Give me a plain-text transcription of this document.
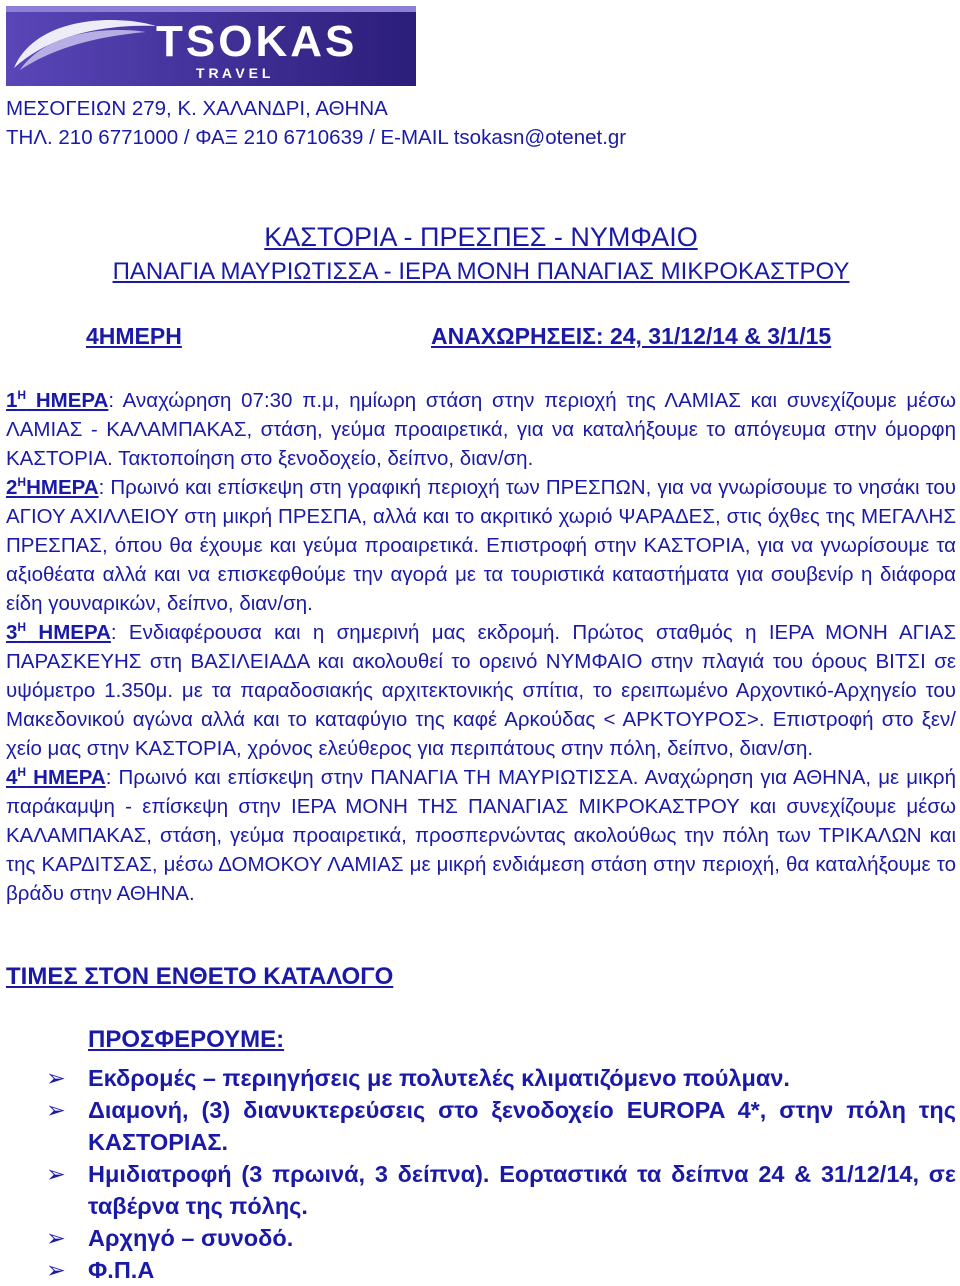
TSOKAS
T R A V E L
ΜΕΣΟΓΕΙΩΝ 279, Κ. ΧΑΛΑΝΔΡΙ, ΑΘΗΝΑ
ΤΗΛ. 210 6771000 / ΦΑΞ 210 6710639 / E-MAIL tsokasn@otenet.gr
ΚΑΣΤΟΡΙΑ - ΠΡΕΣΠΕΣ - ΝΥΜΦΑΙΟ
ΠΑΝΑΓΙΑ ΜΑΥΡΙΩΤΙΣΣΑ - ΙΕΡΑ ΜΟΝΗ ΠΑΝΑΓΙΑΣ ΜΙΚΡΟΚΑΣΤΡΟΥ
4ΗΜΕΡΗ	ΑΝΑΧΩΡΗΣΕΙΣ: 24, 31/12/14 & 3/1/15

$1^H$ ΗΜΕΡΑ: Αναχώρηση 07:30 π.μ, ημίωρη στάση στην περιοχή της ΛΑΜΙΑΣ και συνεχίζουμε μέσω ΛΑΜΙΑΣ - ΚΑΛΑΜΠΑΚΑΣ, στάση, γεύμα προαιρετικά, για να καταλήξουμε το απόγευμα στην όμορφη ΚΑΣΤΟΡΙΑ. Τακτοποίηση στο ξενοδοχείο, δείπνο, διαν/ση.

$2^HHMEPA$: Πρωινό και επίσκεψη στη γραφική περιοχή των ΠΡΕΣΠΩΝ, για να γνωρίσουμε το νησάκι του ΑΓΙΟΥ ΑΧΙΛΛΕΙΟΥ στη μικρή ΠΡΕΣΠΑ, αλλά και το ακριτικό χωριό ΨΑΡΑΔΕΣ, στις όχθες της ΜΕΓΑΛΗΣ ΠΡΕΣΠΑΣ, όπου θα έχουμε και γεύμα προαιρετικά. Επιστροφή στην ΚΑΣΤΟΡΙΑ, για να γνωρίσουμε τα αξιοθέατα αλλά και να επισκεφθούμε την αγορά με τα τουριστικά καταστήματα για σουβενίρ η διάφορα είδη γουναρικών, δείπνο, διαν/ση.

$3^H$ ΗΜΕΡΑ: Ενδιαφέρουσα και η σημερινή μας εκδρομή. Πρώτος σταθμός η ΙΕΡΑ ΜΟΝΗ ΑΓΙΑΣ ΠΑΡΑΣΚΕΥΗΣ στη ΒΑΣΙΛΕΙΑΔΑ και ακολουθεί το ορεινό ΝΥΜΦΑΙΟ στην πλαγιά του όρους ΒΙΤΣΙ σε υψόμετρο 1.350μ. με τα παραδοσιακής αρχιτεκτονικής σπίτια, το ερειπωμένο Αρχοντικό-Αρχηγείο του Μακεδονικού αγώνα αλλά και το καταφύγιο της καφέ Αρκούδας < ΑΡΚΤΟΥΡΟΣ>. Επιστροφή στο ξεν/χείο μας στην ΚΑΣΤΟΡΙΑ, χρόνος ελεύθερος για περιπάτους στην πόλη, δείπνο, διαν/ση.

$4^H$ ΗΜΕΡΑ: Πρωινό και επίσκεψη στην ΠΑΝΑΓΙΑ ΤΗ ΜΑΥΡΙΩΤΙΣΣΑ. Αναχώρηση για ΑΘΗΝΑ, με μικρή παράκαμψη - επίσκεψη στην ΙΕΡΑ ΜΟΝΗ ΤΗΣ ΠΑΝΑΓΙΑΣ ΜΙΚΡΟΚΑΣΤΡΟΥ και συνεχίζουμε μέσω ΚΑΛΑΜΠΑΚΑΣ, στάση, γεύμα προαιρετικά, προσπερνώντας ακολούθως την πόλη των ΤΡΙΚΑΛΩΝ και της ΚΑΡΔΙΤΣΑΣ, μέσω ΔΟΜΟΚΟΥ ΛΑΜΙΑΣ με μικρή ενδιάμεση στάση στην περιοχή, θα καταλήξουμε το βράδυ στην ΑΘΗΝΑ.

ΤΙΜΕΣ ΣΤΟΝ ΕΝΘΕΤΟ ΚΑΤΑΛΟΓΟ
ΠΡΟΣΦΕΡΟΥΜΕ:
➢ Εκδρομές – περιηγήσεις με πολυτελές κλιματιζόμενο πούλμαν.
➢ Διαμονή, (3) διανυκτερεύσεις στο ξενοδοχείο EUROPA 4*, στην πόλη της ΚΑΣΤΟΡΙΑΣ.
➢ Ημιδιατροφή (3 πρωινά, 3 δείπνα). Εορταστικά τα δείπνα 24 & 31/12/14, σε ταβέρνα της πόλης.
➢ Αρχηγό – συνοδό.
➢ Φ.Π.Α
